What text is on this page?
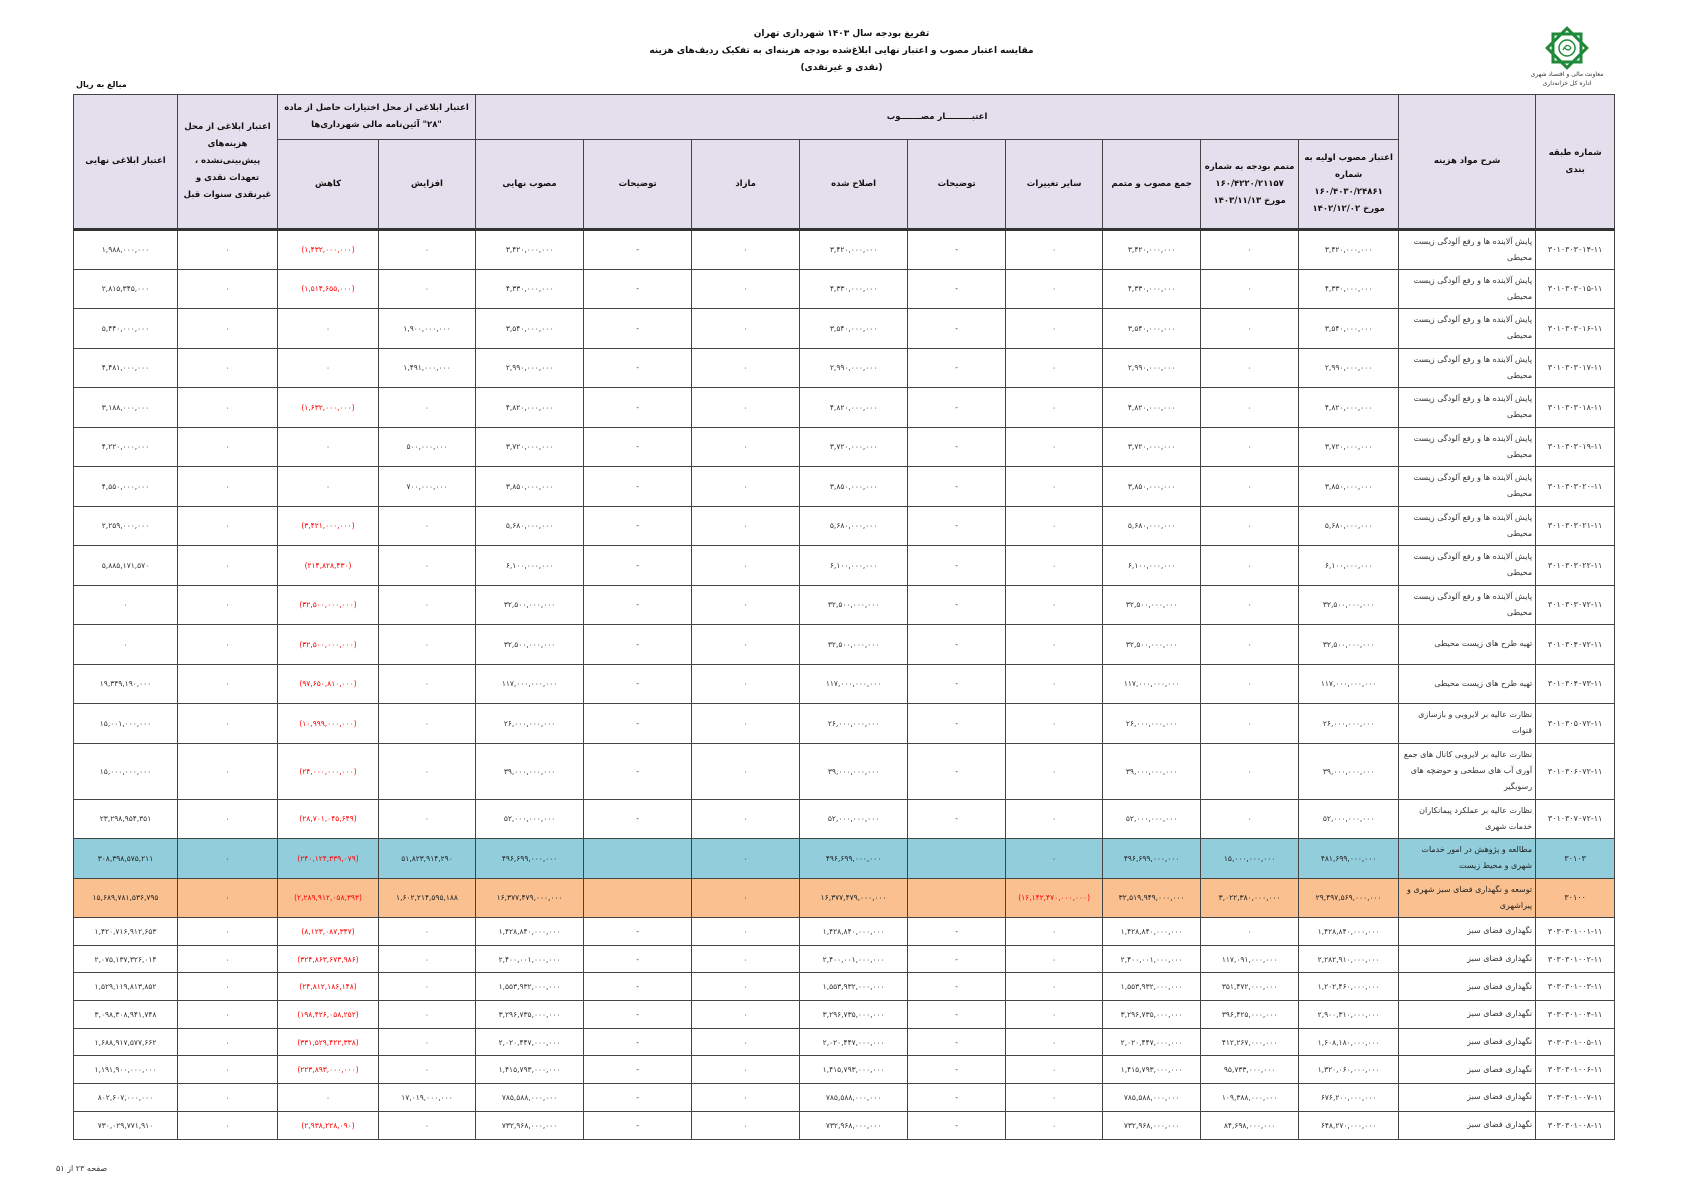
تفریغ بودجه سال ۱۴۰۳ شهرداری تهران
مقایسه اعتبار مصوب و اعتبار نهایی ابلاغ‌شده بودجه هزینه‌ای به تفکیک ردیف‌های هزینه
(نقدی و غیرنقدی)
معاونت مالی و اقتصاد شهری
اداره کل خزانه‌داری
مبالغ به ریال
شماره طبقه بندی	شرح مواد هزینه	اعتبـــــــــار مصـــــــوب									اعتبار ابلاغی از محل اختیارات حاصل از ماده "۲۸" آئین‌نامه مالی شهرداری‌ها		اعتبار ابلاغی از محل هزینه‌های پیش‌بینی‌نشده ، تعهدات نقدی و غیرنقدی سنوات قبل	اعتبار ابلاغی نهایی
		اعتبار مصوب اولیه به شماره ۱۶۰/۴۰۳۰/۲۴۸۶۱ مورخ ۱۴۰۲/۱۲/۰۲	متمم بودجه به شماره ۱۶۰/۴۲۲۰/۲۱۱۵۷ مورخ ۱۴۰۳/۱۱/۱۳	جمع مصوب و متمم	سایر تغییرات	توضیحات	اصلاح شده	مازاد	توضیحات	مصوب نهایی	افزایش	کاهش		
۳۰۱۰۳۰۳۰۱۴-۱۱	پایش آلاینده ها و رفع آلودگی زیست محیطی	۳,۴۲۰,۰۰۰,۰۰۰	۰	۳,۴۲۰,۰۰۰,۰۰۰	۰	-	۳,۴۲۰,۰۰۰,۰۰۰	۰	-	۳,۴۲۰,۰۰۰,۰۰۰	۰	(۱,۴۳۲,۰۰۰,۰۰۰)	۰	۱,۹۸۸,۰۰۰,۰۰۰
۳۰۱۰۳۰۳۰۱۵-۱۱	پایش آلاینده ها و رفع آلودگی زیست محیطی	۴,۳۳۰,۰۰۰,۰۰۰	۰	۴,۳۳۰,۰۰۰,۰۰۰	۰	-	۴,۳۳۰,۰۰۰,۰۰۰	۰	-	۴,۳۳۰,۰۰۰,۰۰۰	۰	(۱,۵۱۴,۶۵۵,۰۰۰)	۰	۲,۸۱۵,۳۴۵,۰۰۰
۳۰۱۰۳۰۳۰۱۶-۱۱	پایش آلاینده ها و رفع آلودگی زیست محیطی	۳,۵۴۰,۰۰۰,۰۰۰	۰	۳,۵۴۰,۰۰۰,۰۰۰	۰	-	۳,۵۴۰,۰۰۰,۰۰۰	۰	-	۳,۵۴۰,۰۰۰,۰۰۰	۱,۹۰۰,۰۰۰,۰۰۰	۰	۰	۵,۴۴۰,۰۰۰,۰۰۰
۳۰۱۰۳۰۳۰۱۷-۱۱	پایش آلاینده ها و رفع آلودگی زیست محیطی	۲,۹۹۰,۰۰۰,۰۰۰	۰	۲,۹۹۰,۰۰۰,۰۰۰	۰	-	۲,۹۹۰,۰۰۰,۰۰۰	۰	-	۲,۹۹۰,۰۰۰,۰۰۰	۱,۴۹۱,۰۰۰,۰۰۰	۰	۰	۴,۴۸۱,۰۰۰,۰۰۰
۳۰۱۰۳۰۳۰۱۸-۱۱	پایش آلاینده ها و رفع آلودگی زیست محیطی	۴,۸۲۰,۰۰۰,۰۰۰	۰	۴,۸۲۰,۰۰۰,۰۰۰	۰	-	۴,۸۲۰,۰۰۰,۰۰۰	۰	-	۴,۸۲۰,۰۰۰,۰۰۰	۰	(۱,۶۳۲,۰۰۰,۰۰۰)	۰	۳,۱۸۸,۰۰۰,۰۰۰
۳۰۱۰۳۰۳۰۱۹-۱۱	پایش آلاینده ها و رفع آلودگی زیست محیطی	۳,۷۲۰,۰۰۰,۰۰۰	۰	۳,۷۲۰,۰۰۰,۰۰۰	۰	-	۳,۷۲۰,۰۰۰,۰۰۰	۰	-	۳,۷۲۰,۰۰۰,۰۰۰	۵۰۰,۰۰۰,۰۰۰	۰	۰	۴,۲۲۰,۰۰۰,۰۰۰
۳۰۱۰۳۰۳۰۲۰-۱۱	پایش آلاینده ها و رفع آلودگی زیست محیطی	۳,۸۵۰,۰۰۰,۰۰۰	۰	۳,۸۵۰,۰۰۰,۰۰۰	۰	-	۳,۸۵۰,۰۰۰,۰۰۰	۰	-	۳,۸۵۰,۰۰۰,۰۰۰	۷۰۰,۰۰۰,۰۰۰	۰	۰	۴,۵۵۰,۰۰۰,۰۰۰
۳۰۱۰۳۰۳۰۲۱-۱۱	پایش آلاینده ها و رفع آلودگی زیست محیطی	۵,۶۸۰,۰۰۰,۰۰۰	۰	۵,۶۸۰,۰۰۰,۰۰۰	۰	-	۵,۶۸۰,۰۰۰,۰۰۰	۰	-	۵,۶۸۰,۰۰۰,۰۰۰	۰	(۳,۴۲۱,۰۰۰,۰۰۰)	۰	۲,۲۵۹,۰۰۰,۰۰۰
۳۰۱۰۳۰۳۰۲۲-۱۱	پایش آلاینده ها و رفع آلودگی زیست محیطی	۶,۱۰۰,۰۰۰,۰۰۰	۰	۶,۱۰۰,۰۰۰,۰۰۰	۰	-	۶,۱۰۰,۰۰۰,۰۰۰	۰	-	۶,۱۰۰,۰۰۰,۰۰۰	۰	(۲۱۴,۸۲۸,۴۳۰)	۰	۵,۸۸۵,۱۷۱,۵۷۰
۳۰۱۰۳۰۳۰۷۲-۱۱	پایش آلاینده ها و رفع آلودگی زیست محیطی	۳۲,۵۰۰,۰۰۰,۰۰۰	۰	۳۲,۵۰۰,۰۰۰,۰۰۰	۰	-	۳۲,۵۰۰,۰۰۰,۰۰۰	۰	-	۳۲,۵۰۰,۰۰۰,۰۰۰	۰	(۳۲,۵۰۰,۰۰۰,۰۰۰)	۰	۰
۳۰۱۰۳۰۴۰۷۲-۱۱	تهیه طرح های زیست محیطی	۳۲,۵۰۰,۰۰۰,۰۰۰	۰	۳۲,۵۰۰,۰۰۰,۰۰۰	۰	-	۳۲,۵۰۰,۰۰۰,۰۰۰	۰	-	۳۲,۵۰۰,۰۰۰,۰۰۰	۰	(۳۲,۵۰۰,۰۰۰,۰۰۰)	۰	۰
۳۰۱۰۳۰۴۰۷۳-۱۱	تهیه طرح های زیست محیطی	۱۱۷,۰۰۰,۰۰۰,۰۰۰	۰	۱۱۷,۰۰۰,۰۰۰,۰۰۰	۰	-	۱۱۷,۰۰۰,۰۰۰,۰۰۰	۰	-	۱۱۷,۰۰۰,۰۰۰,۰۰۰	۰	(۹۷,۶۵۰,۸۱۰,۰۰۰)	۰	۱۹,۳۴۹,۱۹۰,۰۰۰
۳۰۱۰۳۰۵۰۷۲-۱۱	نظارت عالیه بر لایروبی و بازسازی قنوات	۲۶,۰۰۰,۰۰۰,۰۰۰	۰	۲۶,۰۰۰,۰۰۰,۰۰۰	۰	-	۲۶,۰۰۰,۰۰۰,۰۰۰	۰	-	۲۶,۰۰۰,۰۰۰,۰۰۰	۰	(۱۰,۹۹۹,۰۰۰,۰۰۰)	۰	۱۵,۰۰۱,۰۰۰,۰۰۰
۳۰۱۰۳۰۶۰۷۲-۱۱	نظارت عالیه بر لایروبی کانال های جمع آوری آب های سطحی و حوضچه های رسوبگیر	۳۹,۰۰۰,۰۰۰,۰۰۰	۰	۳۹,۰۰۰,۰۰۰,۰۰۰	۰	-	۳۹,۰۰۰,۰۰۰,۰۰۰	۰	-	۳۹,۰۰۰,۰۰۰,۰۰۰	۰	(۲۴,۰۰۰,۰۰۰,۰۰۰)	۰	۱۵,۰۰۰,۰۰۰,۰۰۰
۳۰۱۰۳۰۷۰۷۲-۱۱	نظارت عالیه بر عملکرد پیمانکاران خدمات شهری	۵۲,۰۰۰,۰۰۰,۰۰۰	۰	۵۲,۰۰۰,۰۰۰,۰۰۰	۰	-	۵۲,۰۰۰,۰۰۰,۰۰۰	۰	-	۵۲,۰۰۰,۰۰۰,۰۰۰	۰	(۲۸,۷۰۱,۰۴۵,۶۴۹)	۰	۲۳,۲۹۸,۹۵۴,۳۵۱
۳۰۱۰۳	مطالعه و پژوهش در امور خدمات شهری و محیط زیست	۴۸۱,۶۹۹,۰۰۰,۰۰۰	۱۵,۰۰۰,۰۰۰,۰۰۰	۴۹۶,۶۹۹,۰۰۰,۰۰۰	۰		۴۹۶,۶۹۹,۰۰۰,۰۰۰	۰		۴۹۶,۶۹۹,۰۰۰,۰۰۰	۵۱,۸۲۳,۹۱۴,۲۹۰	(۲۴۰,۱۲۴,۳۳۹,۰۷۹)	۰	۳۰۸,۳۹۸,۵۷۵,۲۱۱
۳۰۱۰۰	توسعه و نگهداری فضای سبز شهری و پیراشهری	۲۹,۴۹۷,۵۶۹,۰۰۰,۰۰۰	۳,۰۲۲,۳۸۰,۰۰۰,۰۰۰	۳۲,۵۱۹,۹۴۹,۰۰۰,۰۰۰	(۱۶,۱۴۲,۴۷۰,۰۰۰,۰۰۰)		۱۶,۳۷۷,۴۷۹,۰۰۰,۰۰۰	۰		۱۶,۳۷۷,۴۷۹,۰۰۰,۰۰۰	۱,۶۰۲,۲۱۴,۵۹۵,۱۸۸	(۲,۲۸۹,۹۱۲,۰۵۸,۳۹۳)	۰	۱۵,۶۸۹,۷۸۱,۵۳۶,۷۹۵
۳۰۳۰۳۰۱۰۰۱-۱۱	نگهداری فضای سبز	۱,۴۲۸,۸۴۰,۰۰۰,۰۰۰	۰	۱,۴۲۸,۸۴۰,۰۰۰,۰۰۰	۰	-	۱,۴۲۸,۸۴۰,۰۰۰,۰۰۰	۰	-	۱,۴۲۸,۸۴۰,۰۰۰,۰۰۰	۰	(۸,۱۲۳,۰۸۷,۳۴۷)	۰	۱,۴۲۰,۷۱۶,۹۱۲,۶۵۳
۳۰۳۰۳۰۱۰۰۲-۱۱	نگهداری فضای سبز	۲,۲۸۲,۹۱۰,۰۰۰,۰۰۰	۱۱۷,۰۹۱,۰۰۰,۰۰۰	۲,۴۰۰,۰۰۱,۰۰۰,۰۰۰	۰	-	۲,۴۰۰,۰۰۱,۰۰۰,۰۰۰	۰	-	۲,۴۰۰,۰۰۱,۰۰۰,۰۰۰	۰	(۳۲۴,۸۶۳,۶۷۳,۹۸۶)	۰	۲,۰۷۵,۱۳۷,۳۲۶,۰۱۴
۳۰۳۰۳۰۱۰۰۳-۱۱	نگهداری فضای سبز	۱,۲۰۲,۴۶۰,۰۰۰,۰۰۰	۳۵۱,۴۷۲,۰۰۰,۰۰۰	۱,۵۵۳,۹۳۲,۰۰۰,۰۰۰	۰	-	۱,۵۵۳,۹۳۲,۰۰۰,۰۰۰	۰	-	۱,۵۵۳,۹۳۲,۰۰۰,۰۰۰	۰	(۲۴,۸۱۲,۱۸۶,۱۴۸)	۰	۱,۵۲۹,۱۱۹,۸۱۳,۸۵۲
۳۰۳۰۳۰۱۰۰۴-۱۱	نگهداری فضای سبز	۲,۹۰۰,۳۱۰,۰۰۰,۰۰۰	۳۹۶,۴۲۵,۰۰۰,۰۰۰	۳,۲۹۶,۷۳۵,۰۰۰,۰۰۰	۰	-	۳,۲۹۶,۷۳۵,۰۰۰,۰۰۰	۰	-	۳,۲۹۶,۷۳۵,۰۰۰,۰۰۰	۰	(۱۹۸,۴۲۶,۰۵۸,۲۵۲)	۰	۳,۰۹۸,۳۰۸,۹۴۱,۷۴۸
۳۰۳۰۳۰۱۰۰۵-۱۱	نگهداری فضای سبز	۱,۶۰۸,۱۸۰,۰۰۰,۰۰۰	۴۱۲,۲۶۷,۰۰۰,۰۰۰	۲,۰۲۰,۴۴۷,۰۰۰,۰۰۰	۰	-	۲,۰۲۰,۴۴۷,۰۰۰,۰۰۰	۰	-	۲,۰۲۰,۴۴۷,۰۰۰,۰۰۰	۰	(۳۳۱,۵۲۹,۴۲۲,۳۳۸)	۰	۱,۶۸۸,۹۱۷,۵۷۷,۶۶۲
۳۰۳۰۳۰۱۰۰۶-۱۱	نگهداری فضای سبز	۱,۳۲۰,۰۶۰,۰۰۰,۰۰۰	۹۵,۷۳۳,۰۰۰,۰۰۰	۱,۴۱۵,۷۹۳,۰۰۰,۰۰۰	۰	-	۱,۴۱۵,۷۹۳,۰۰۰,۰۰۰	۰	-	۱,۴۱۵,۷۹۳,۰۰۰,۰۰۰	۰	(۲۲۳,۸۹۳,۰۰۰,۰۰۰)	۰	۱,۱۹۱,۹۰۰,۰۰۰,۰۰۰
۳۰۳۰۳۰۱۰۰۷-۱۱	نگهداری فضای سبز	۶۷۶,۲۰۰,۰۰۰,۰۰۰	۱۰۹,۳۸۸,۰۰۰,۰۰۰	۷۸۵,۵۸۸,۰۰۰,۰۰۰	۰	-	۷۸۵,۵۸۸,۰۰۰,۰۰۰	۰	-	۷۸۵,۵۸۸,۰۰۰,۰۰۰	۱۷,۰۱۹,۰۰۰,۰۰۰	۰	۰	۸۰۲,۶۰۷,۰۰۰,۰۰۰
۳۰۳۰۳۰۱۰۰۸-۱۱	نگهداری فضای سبز	۶۴۸,۲۷۰,۰۰۰,۰۰۰	۸۴,۶۹۸,۰۰۰,۰۰۰	۷۳۲,۹۶۸,۰۰۰,۰۰۰	۰	-	۷۳۲,۹۶۸,۰۰۰,۰۰۰	۰	-	۷۳۲,۹۶۸,۰۰۰,۰۰۰	۰	(۲,۹۳۸,۲۲۸,۰۹۰)	۰	۷۳۰,۰۲۹,۷۷۱,۹۱۰
صفحه ۲۳ از ۵۱
